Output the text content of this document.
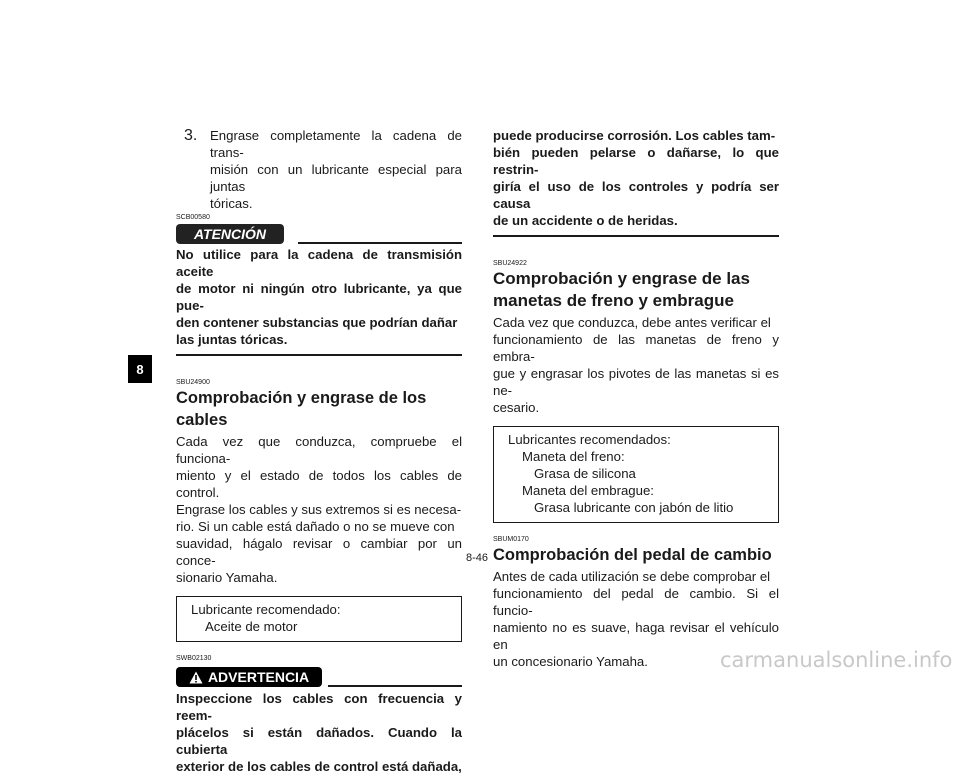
8
3. Engrase completamente la cadena de trans-

misión con un lubricante especial para juntas

tóricas.

SCB00580
ATENCIÓN

No utilice para la cadena de transmisión aceite

de motor ni ningún otro lubricante, ya que pue-

den contener substancias que podrían dañar

las juntas tóricas.

SBU24900
Comprobación y engrase de los cables

Cada vez que conduzca, compruebe el funciona-

miento y el estado de todos los cables de control.

Engrase los cables y sus extremos si es necesa-

rio. Si un cable está dañado o no se mueve con

suavidad, hágalo revisar o cambiar por un conce-

sionario Yamaha.

Lubricante recomendado:
Aceite de motor
SWB02130
ADVERTENCIA

Inspeccione los cables con frecuencia y reem-

plácelos si están dañados. Cuando la cubierta

exterior de los cables de control está dañada,

puede producirse corrosión. Los cables tam-

bién pueden pelarse o dañarse, lo que restrin-

giría el uso de los controles y podría ser causa

de un accidente o de heridas.

SBU24922
Comprobación y engrase de las
manetas de freno y embrague

Cada vez que conduzca, debe antes verificar el

funcionamiento de las manetas de freno y embra-

gue y engrasar los pivotes de las manetas si es ne-

cesario.

Lubricantes recomendados:
Maneta del freno:
Grasa de silicona
Maneta del embrague:
Grasa lubricante con jabón de litio
SBUM0170
Comprobación del pedal de cambio

Antes de cada utilización se debe comprobar el

funcionamiento del pedal de cambio. Si el funcio-

namiento no es suave, haga revisar el vehículo en

un concesionario Yamaha.

8-46
carmanualsonline.info
